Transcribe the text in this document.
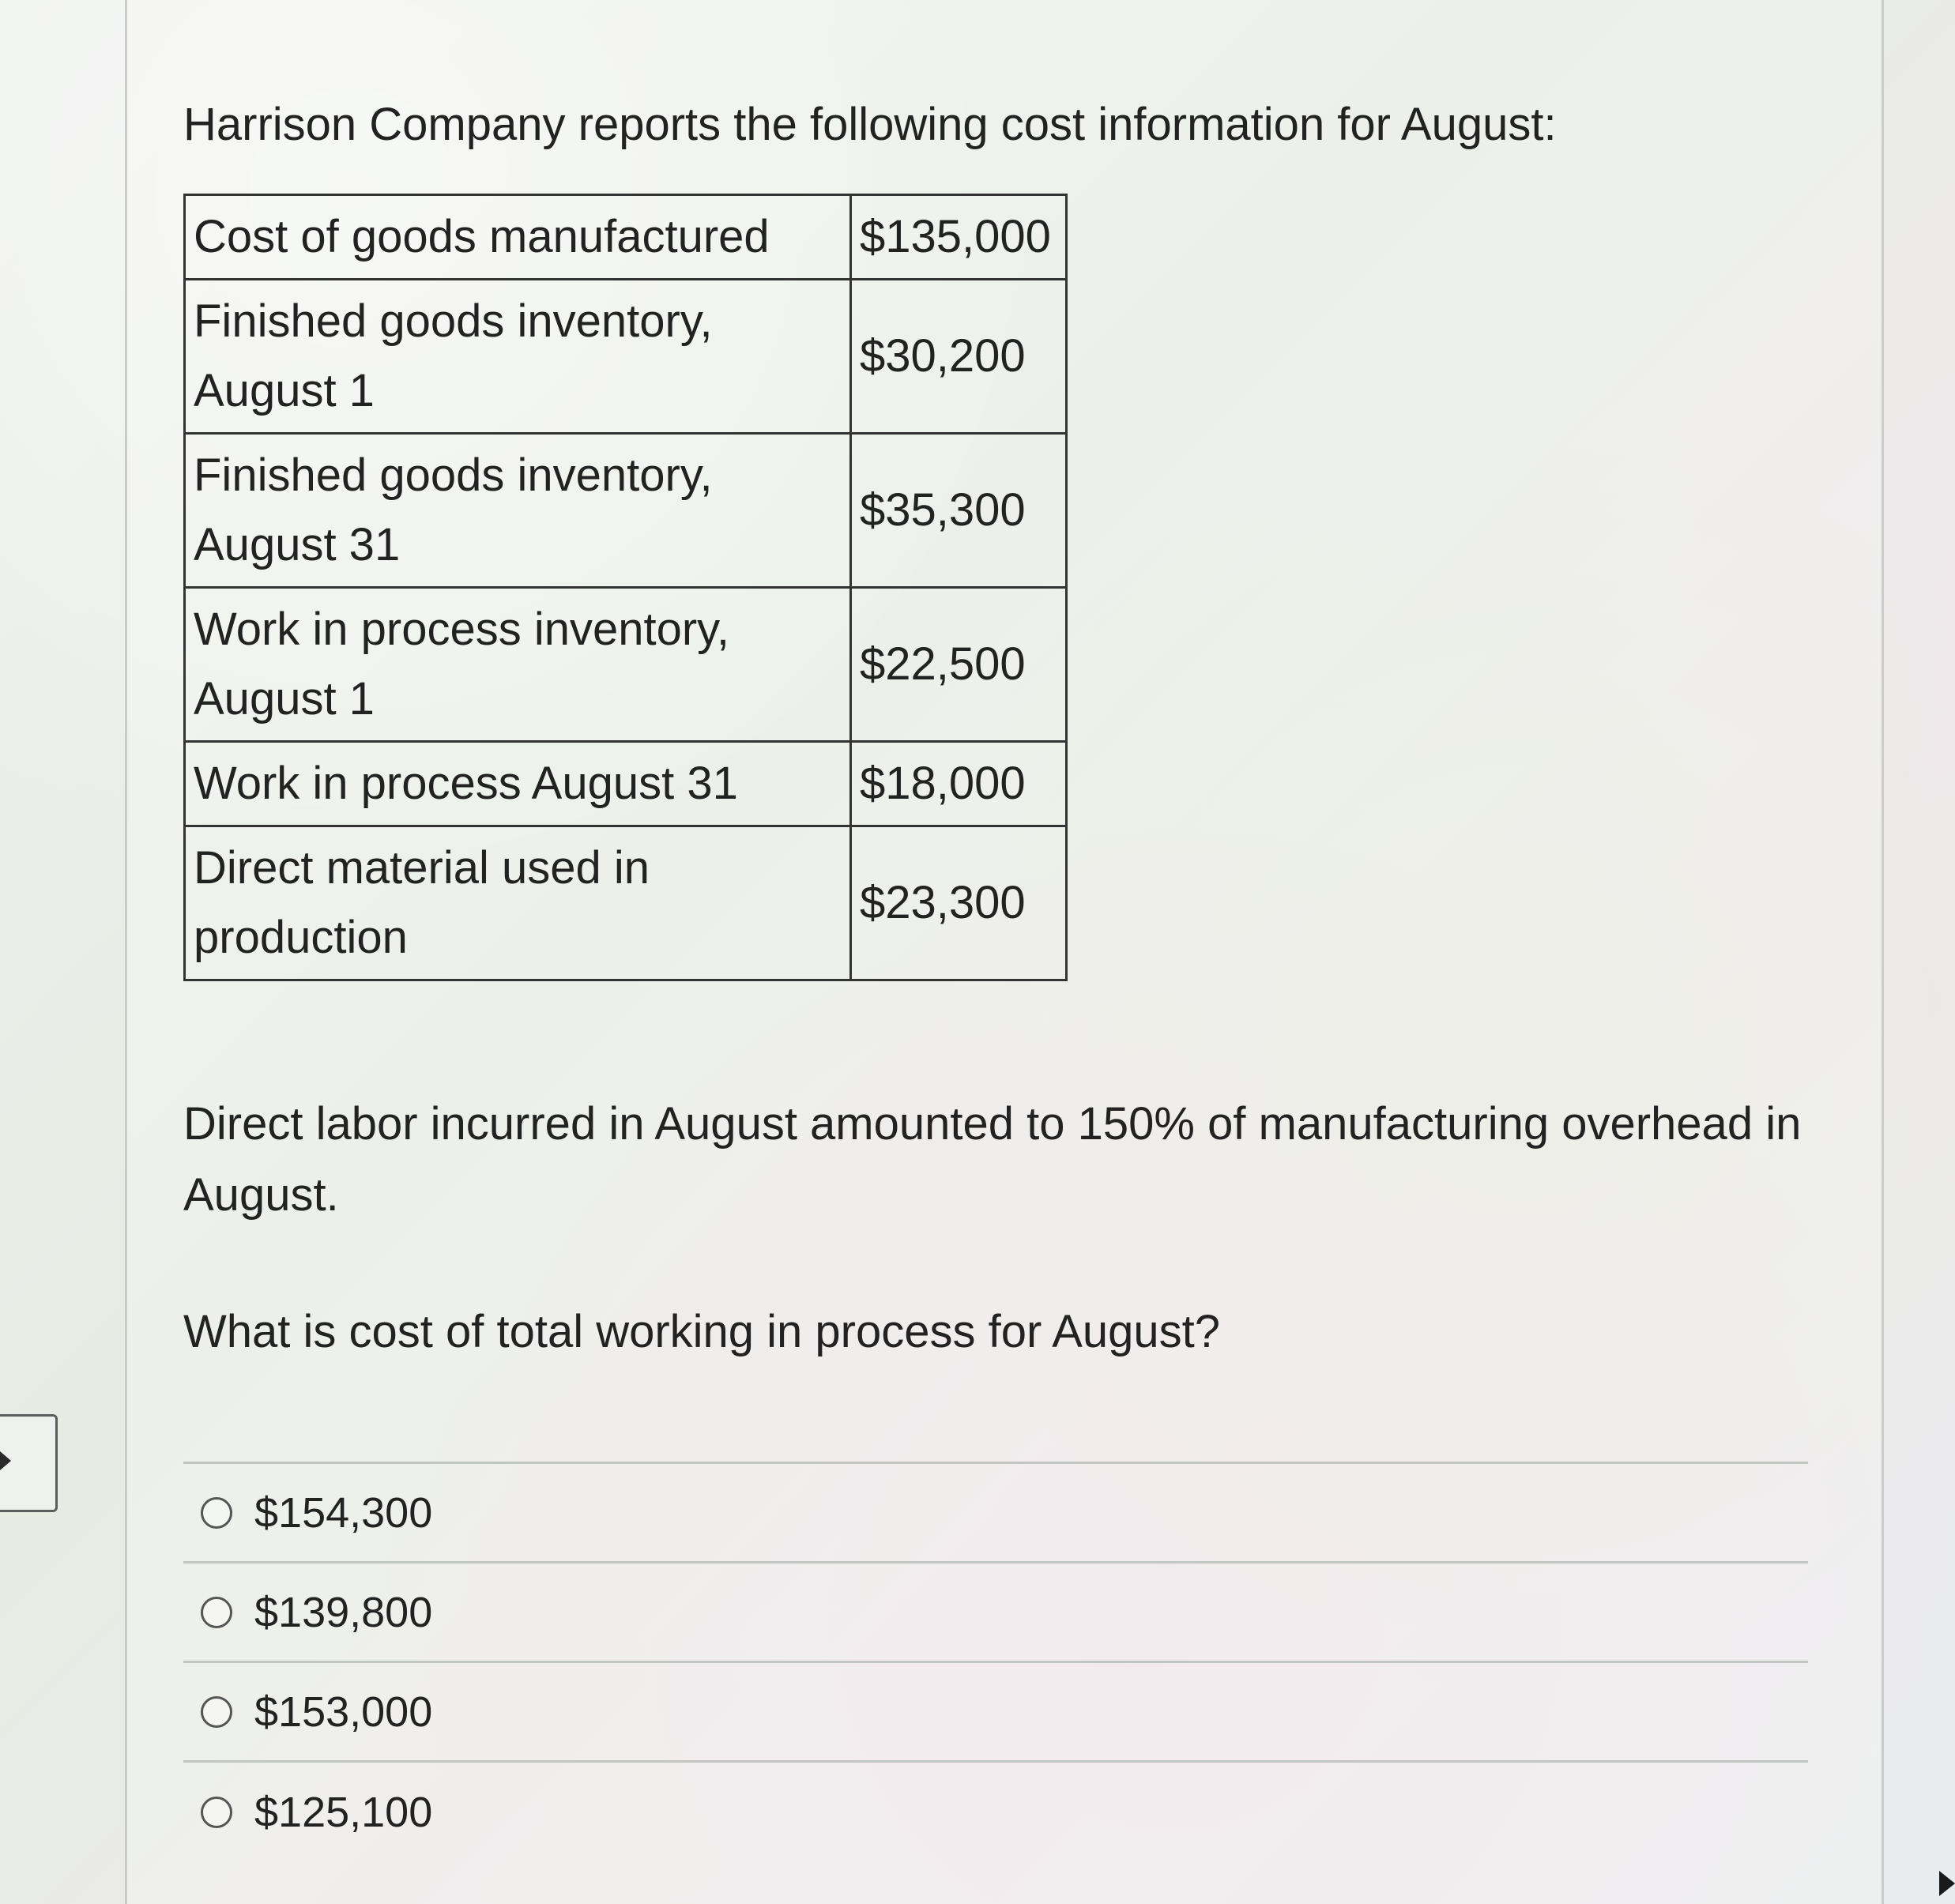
Harrison Company reports the following cost information for August:

Cost of goods manufactured	$135,000
Finished goods inventory, August 1	$30,200
Finished goods inventory, August 31	$35,300
Work in process inventory, August 1	$22,500
Work in process August 31	$18,000
Direct material used in production	$23,300

Direct labor incurred in August amounted to 150% of manufacturing overhead in August.

What is cost of total working in process for August?

$154,300
$139,800
$153,000
$125,100
